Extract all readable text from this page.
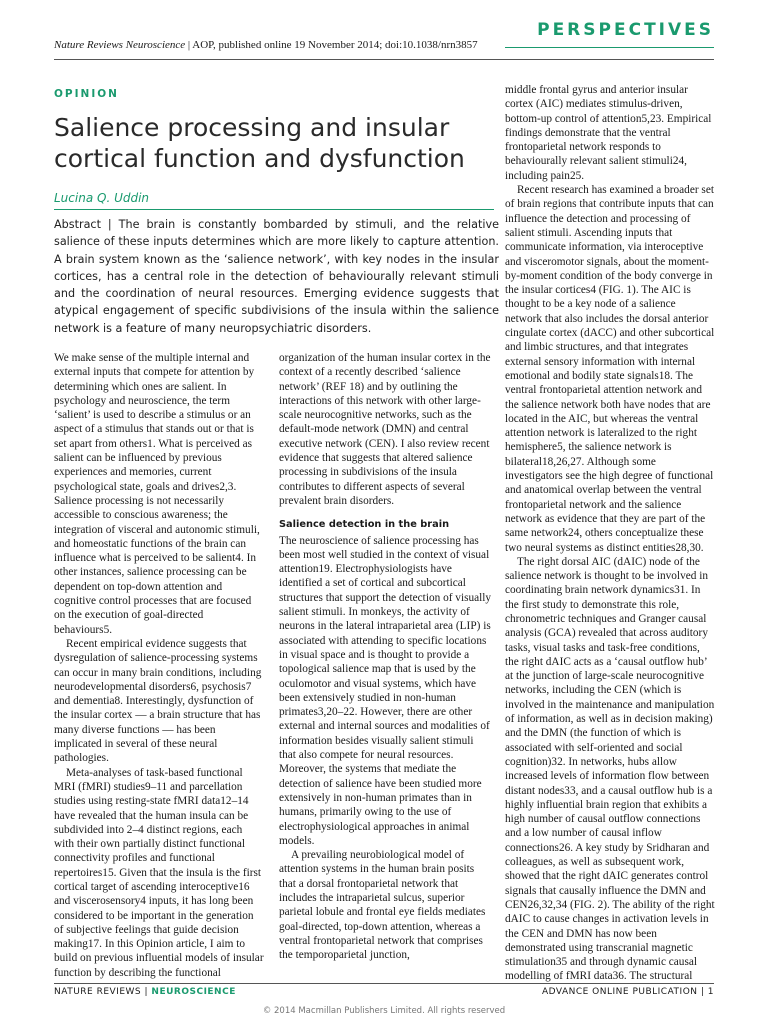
Nature Reviews Neuroscience | AOP, published online 19 November 2014; doi:10.1038/nrn3857
PERSPECTIVES
OPINION
Salience processing and insular cortical function and dysfunction
Lucina Q. Uddin
Abstract | The brain is constantly bombarded by stimuli, and the relative salience of these inputs determines which are more likely to capture attention. A brain system known as the ‘salience network’, with key nodes in the insular cortices, has a central role in the detection of behaviourally relevant stimuli and the coordination of neural resources. Emerging evidence suggests that atypical engagement of specific subdivisions of the insula within the salience network is a feature of many neuropsychiatric disorders.

We make sense of the multiple internal and external inputs that compete for attention by determining which ones are salient. In psychology and neuroscience, the term ‘salient’ is used to describe a stimulus or an aspect of a stimulus that stands out or that is set apart from others1. What is perceived as salient can be influenced by previous experiences and memories, current psychological state, goals and drives2,3. Salience processing is not necessarily accessible to conscious awareness; the integration of visceral and autonomic stimuli, and homeostatic functions of the brain can influence what is perceived to be salient4. In other instances, salience processing can be dependent on top-down attention and cognitive control processes that are focused on the execution of goal-directed behaviours5.

Recent empirical evidence suggests that dysregulation of salience-processing systems can occur in many brain conditions, including neurodevelopmental disorders6, psychosis7 and dementia8. Interestingly, dysfunction of the insular cortex — a brain structure that has many diverse functions — has been implicated in several of these neural pathologies.

Meta-analyses of task-based functional MRI (fMRI) studies9–11 and parcellation studies using resting-state fMRI data12–14 have revealed that the human insula can be subdivided into 2–4 distinct regions, each with their own partially distinct functional connectivity profiles and functional repertoires15. Given that the insula is the first cortical target of ascending interoceptive16 and viscerosensory4 inputs, it has long been considered to be important in the generation of subjective feelings that guide decision making17. In this Opinion article, I aim to build on previous influential models of insular function by describing the functional

organization of the human insular cortex in the context of a recently described ‘salience network’ (REF 18) and by outlining the interactions of this network with other large-scale neurocognitive networks, such as the default-mode network (DMN) and central executive network (CEN). I also review recent evidence that suggests that altered salience processing in subdivisions of the insula contributes to different aspects of several prevalent brain disorders.

Salience detection in the brain

The neuroscience of salience processing has been most well studied in the context of visual attention19. Electrophysiologists have identified a set of cortical and subcortical structures that support the detection of visually salient stimuli. In monkeys, the activity of neurons in the lateral intraparietal area (LIP) is associated with attending to specific locations in visual space and is thought to provide a topological salience map that is used by the oculomotor and visual systems, which have been extensively studied in non-human primates3,20–22. However, there are other external and internal sources and modalities of information besides visually salient stimuli that also compete for neural resources. Moreover, the systems that mediate the detection of salience have been studied more extensively in non-human primates than in humans, primarily owing to the use of electrophysiological approaches in animal models.

A prevailing neurobiological model of attention systems in the human brain posits that a dorsal frontoparietal network that includes the intraparietal sulcus, superior parietal lobule and frontal eye fields mediates goal-directed, top-down attention, whereas a ventral frontoparietal network that comprises the temporoparietal junction,

middle frontal gyrus and anterior insular cortex (AIC) mediates stimulus-driven, bottom-up control of attention5,23. Empirical findings demonstrate that the ventral frontoparietal network responds to behaviourally relevant salient stimuli24, including pain25.

Recent research has examined a broader set of brain regions that contribute inputs that can influence the detection and processing of salient stimuli. Ascending inputs that communicate information, via interoceptive and visceromotor signals, about the moment-by-moment condition of the body converge in the insular cortices4 (FIG. 1). The AIC is thought to be a key node of a salience network that also includes the dorsal anterior cingulate cortex (dACC) and other subcortical and limbic structures, and that integrates external sensory information with internal emotional and bodily state signals18. The ventral frontoparietal attention network and the salience network both have nodes that are located in the AIC, but whereas the ventral attention network is lateralized to the right hemisphere5, the salience network is bilateral18,26,27. Although some investigators see the high degree of functional and anatomical overlap between the ventral frontoparietal network and the salience network as evidence that they are part of the same network24, others conceptualize these two neural systems as distinct entities28,30.

The right dorsal AIC (dAIC) node of the salience network is thought to be involved in coordinating brain network dynamics31. In the first study to demonstrate this role, chronometric techniques and Granger causal analysis (GCA) revealed that across auditory tasks, visual tasks and task-free conditions, the right dAIC acts as a ‘causal outflow hub’ at the junction of large-scale neurocognitive networks, including the CEN (which is involved in the maintenance and manipulation of information, as well as in decision making) and the DMN (the function of which is associated with self-oriented and social cognition)32. In networks, hubs allow increased levels of information flow between distant nodes33, and a causal outflow hub is a highly influential brain region that exhibits a high number of causal outflow connections and a low number of causal inflow connections26. A key study by Sridharan and colleagues, as well as subsequent work, showed that the right dAIC generates control signals that causally influence the DMN and CEN26,32,34 (FIG. 2). The ability of the right dAIC to cause changes in activation levels in the CEN and DMN has now been demonstrated using transcranial magnetic stimulation35 and through dynamic causal modelling of fMRI data36. The structural

NATURE REVIEWS | NEUROSCIENCE	ADVANCE ONLINE PUBLICATION | 1
© 2014 Macmillan Publishers Limited. All rights reserved
